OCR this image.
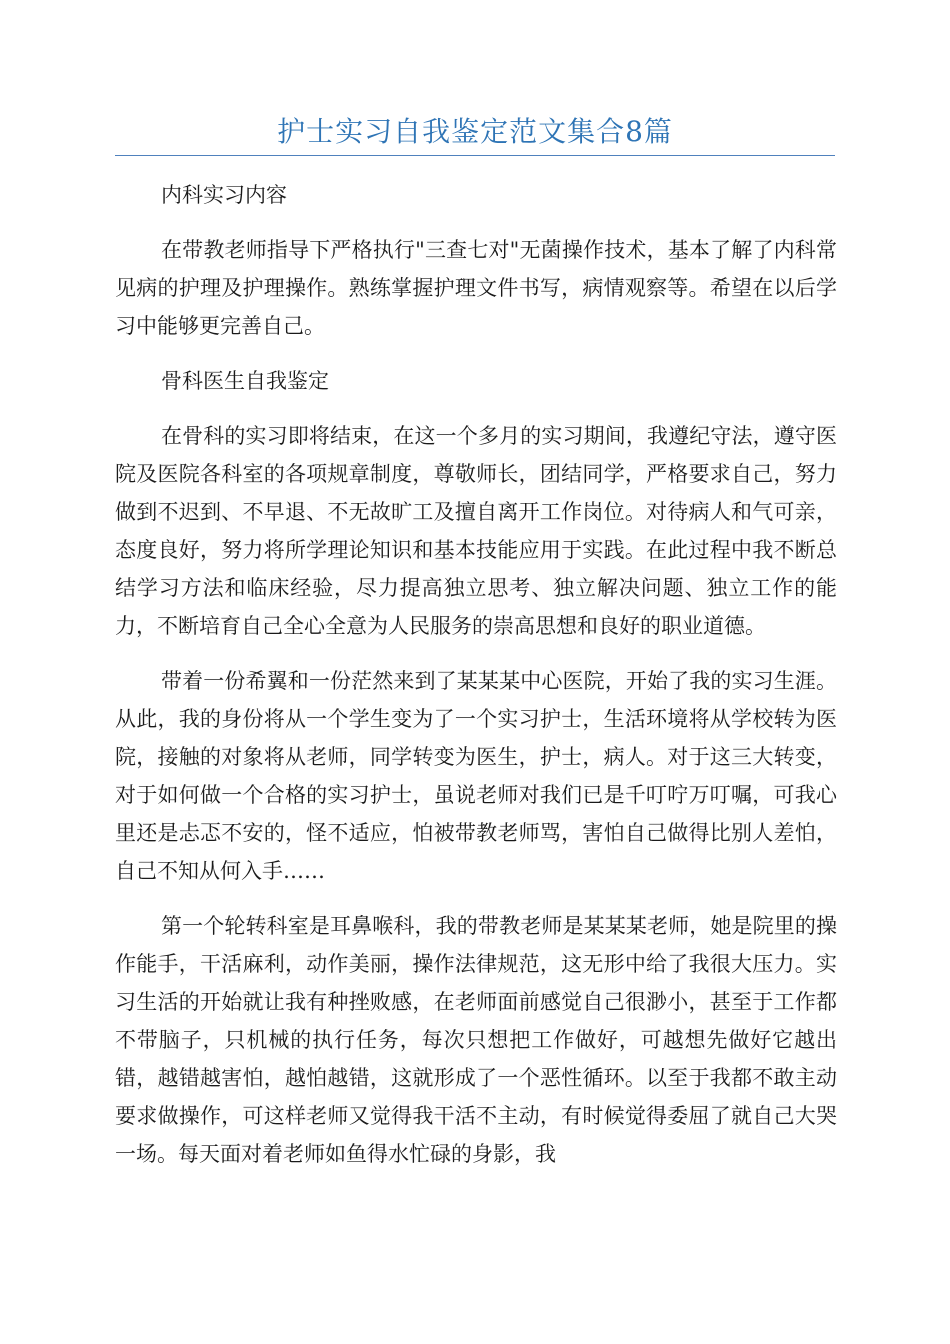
护士实习自我鉴定范文集合8篇

内科实习内容

在带教老师指导下严格执行"三查七对"无菌操作技术，基本了解了内科常见病的护理及护理操作。熟练掌握护理文件书写，病情观察等。希望在以后学习中能够更完善自己。

骨科医生自我鉴定

在骨科的实习即将结束，在这一个多月的实习期间，我遵纪守法，遵守医院及医院各科室的各项规章制度，尊敬师长，团结同学，严格要求自己，努力做到不迟到、不早退、不无故旷工及擅自离开工作岗位。对待病人和气可亲，态度良好，努力将所学理论知识和基本技能应用于实践。在此过程中我不断总结学习方法和临床经验，尽力提高独立思考、独立解决问题、独立工作的能力，不断培育自己全心全意为人民服务的崇高思想和良好的职业道德。

带着一份希翼和一份茫然来到了某某某中心医院，开始了我的实习生涯。从此，我的身份将从一个学生变为了一个实习护士，生活环境将从学校转为医院，接触的对象将从老师，同学转变为医生，护士，病人。对于这三大转变，对于如何做一个合格的实习护士，虽说老师对我们已是千叮咛万叮嘱，可我心里还是忐忑不安的，怪不适应，怕被带教老师骂，害怕自己做得比别人差怕，自己不知从何入手……

第一个轮转科室是耳鼻喉科，我的带教老师是某某某老师，她是院里的操作能手，干活麻利，动作美丽，操作法律规范，这无形中给了我很大压力。实习生活的开始就让我有种挫败感，在老师面前感觉自己很渺小，甚至于工作都不带脑子，只机械的执行任务，每次只想把工作做好，可越想先做好它越出错，越错越害怕，越怕越错，这就形成了一个恶性循环。以至于我都不敢主动要求做操作，可这样老师又觉得我干活不主动，有时候觉得委屈了就自己大哭一场。每天面对着老师如鱼得水忙碌的身影，我
